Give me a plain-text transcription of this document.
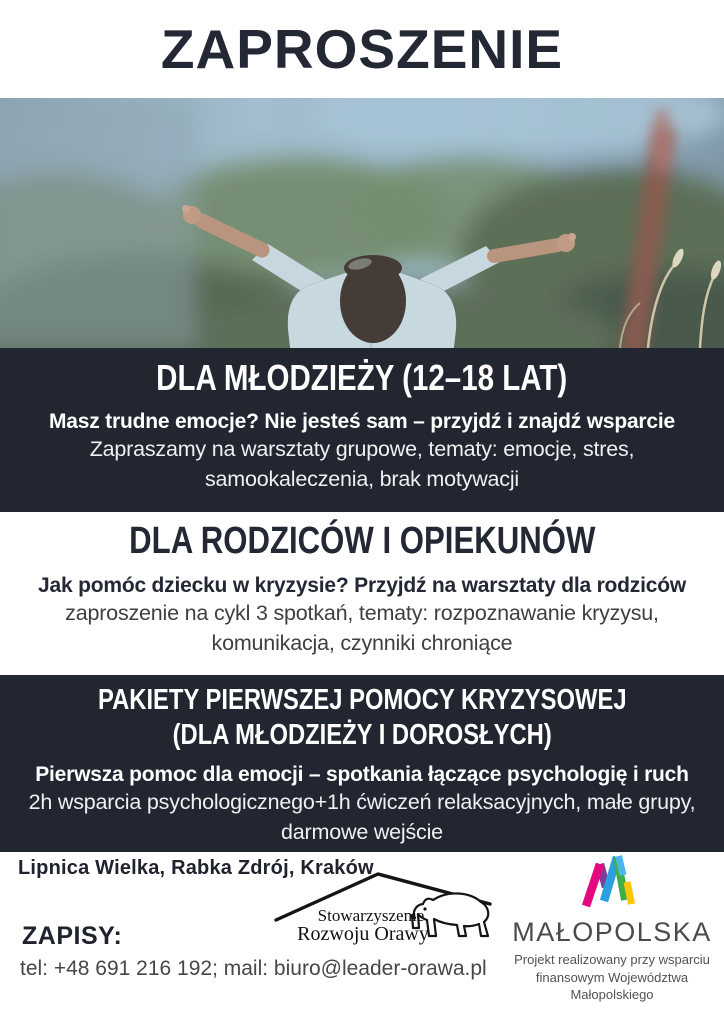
ZAPROSZENIE
DLA MŁODZIEŻY (12–18 LAT)
Masz trudne emocje? Nie jesteś sam – przyjdź i znajdź wsparcie
Zapraszamy na warsztaty grupowe, tematy: emocje, stres,
samookaleczenia, brak motywacji
DLA RODZICÓW I OPIEKUNÓW
Jak pomóc dziecku w kryzysie? Przyjdź na warsztaty dla rodziców
zaproszenie na cykl 3 spotkań, tematy: rozpoznawanie kryzysu,
komunikacja, czynniki chroniące
PAKIETY PIERWSZEJ POMOCY KRYZYSOWEJ
(DLA MŁODZIEŻY I DOROSŁYCH)
Pierwsza pomoc dla emocji – spotkania łączące psychologię i ruch
2h wsparcia psychologicznego+1h ćwiczeń relaksacyjnych, małe grupy,
darmowe wejście
Lipnica Wielka, Rabka Zdrój, Kraków
ZAPISY:
tel: +48 691 216 192; mail: biuro@leader-orawa.pl
Stowarzyszenie
Rozwoju Orawy	MAŁOPOLSKA
Projekt realizowany przy wsparciu
finansowym Województwa
Małopolskiego
